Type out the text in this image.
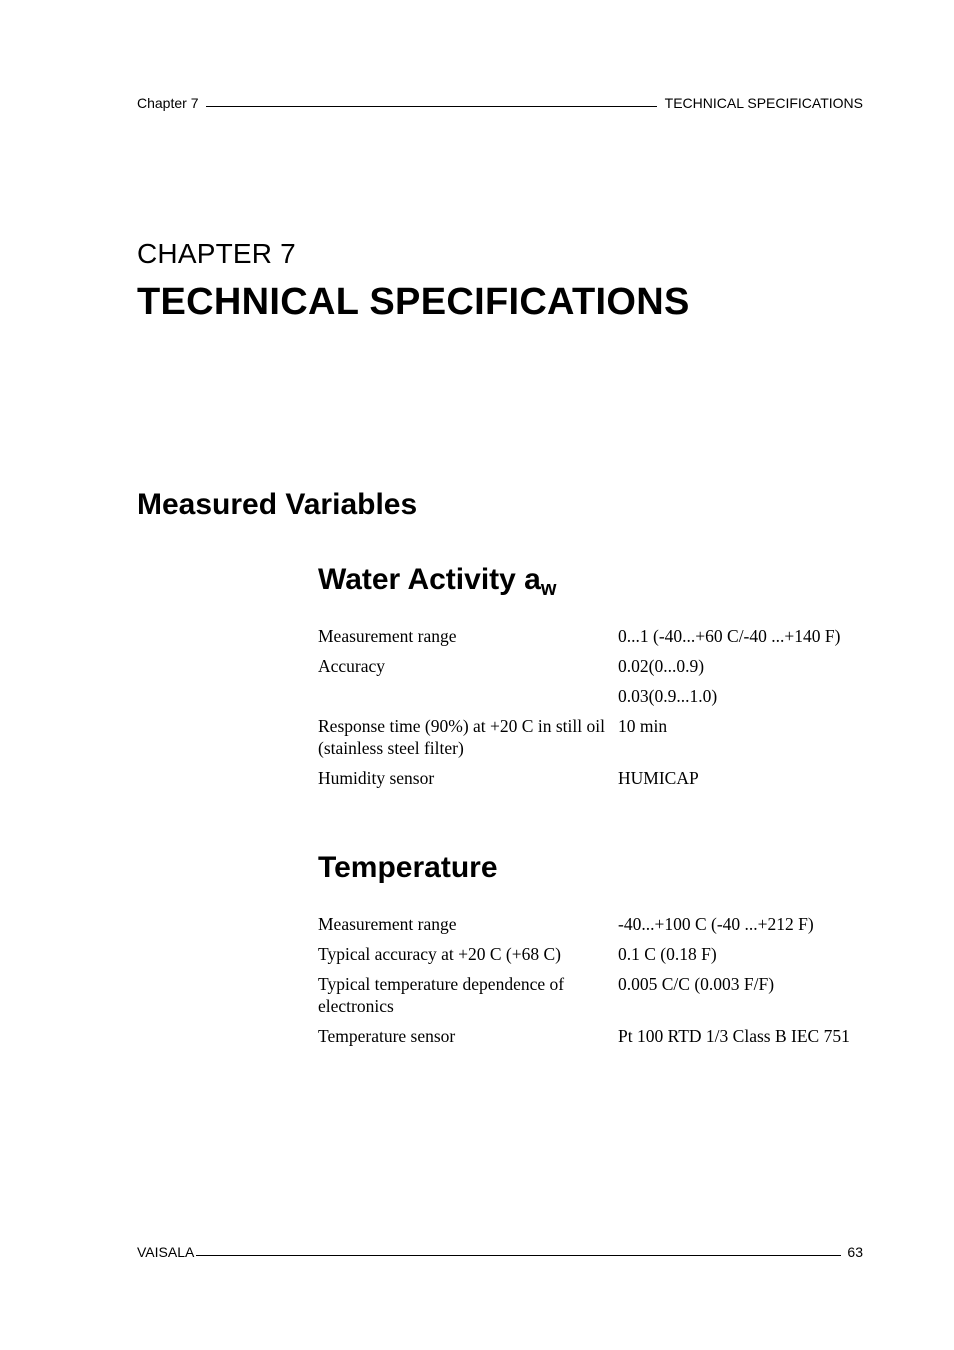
Chapter 7	TECHNICAL SPECIFICATIONS
CHAPTER 7
TECHNICAL SPECIFICATIONS
Measured Variables
Water Activity $a_w$
Measurement range	0...1 (-40...+60 C/-40 ...+140 F)
Accuracy	0.02(0...0.9)
	0.03(0.9...1.0)
Response time (90%) at +20 C in still oil (stainless steel filter)	10 min
Humidity sensor	HUMICAP
Temperature
Measurement range	-40...+100 C (-40 ...+212 F)
Typical accuracy at +20 C (+68 C)	0.1 C (0.18 F)
Typical temperature dependence of electronics	0.005 C/C (0.003 F/F)
Temperature sensor	Pt 100 RTD 1/3 Class B IEC 751
VAISALA	63
